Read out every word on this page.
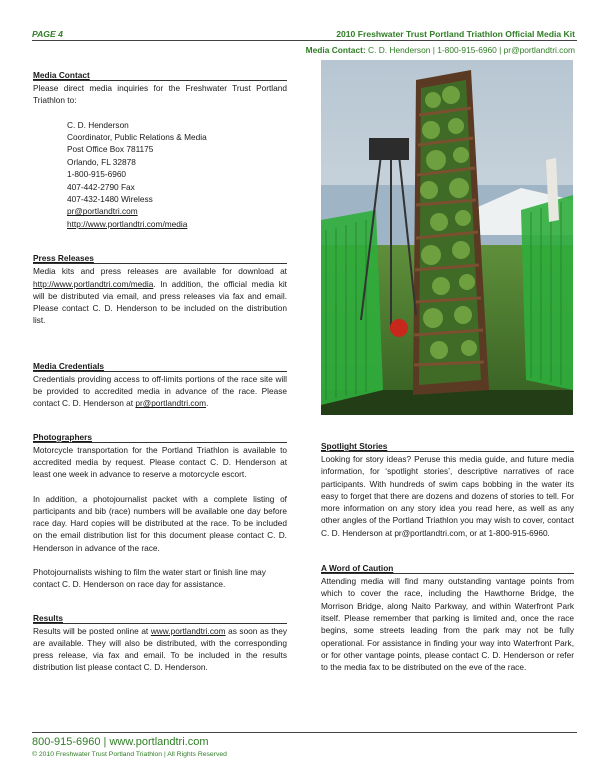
PAGE 4	2010 Freshwater Trust Portland Triathlon Official Media Kit
Media Contact: C. D. Henderson | 1-800-915-6960 | pr@portlandtri.com
Media Contact
Please direct media inquiries for the Freshwater Trust Portland Triathlon to:
C. D. Henderson
Coordinator, Public Relations & Media
Post Office Box 781175
Orlando, FL 32878
1-800-915-6960
407-442-2790 Fax
407-432-1480 Wireless
pr@portlandtri.com
http://www.portlandtri.com/media
Press Releases
Media kits and press releases are available for download at http://www.portlandtri.com/media. In addition, the official media kit will be distributed via email, and press releases via fax and email. Please contact C. D. Henderson to be included on the distribution list.
Media Credentials
Credentials providing access to off-limits portions of the race site will be provided to accredited media in advance of the race. Please contact C. D. Henderson at pr@portlandtri.com.
Photographers
Motorcycle transportation for the Portland Triathlon is available to accredited media by request. Please contact C. D. Henderson at least one week in advance to reserve a motorcycle escort.
In addition, a photojournalist packet with a complete listing of participants and bib (race) numbers will be available one day before race day. Hard copies will be distributed at the race. To be included on the email distribution list for this document please contact C. D. Henderson in advance of the race.
Photojournalists wishing to film the water start or finish line may contact C. D. Henderson on race day for assistance.
Results
Results will be posted online at www.portlandtri.com as soon as they are available. They will also be distributed, with the corresponding press release, via fax and email. To be included in the results distribution list please contact C. D. Henderson.
Spotlight Stories
Looking for story ideas? Peruse this media guide, and future media information, for ‘spotlight stories’, descriptive narratives of race participants. With hundreds of swim caps bobbing in the water its easy to forget that there are dozens and dozens of stories to tell. For more information on any story idea you read here, as well as any other angles of the Portland Triathlon you may wish to cover, contact C. D. Henderson at pr@portlandtri.com, or at 1-800-915-6960.
A Word of Caution
Attending media will find many outstanding vantage points from which to cover the race, including the Hawthorne Bridge, the Morrison Bridge, along Naito Parkway, and within Waterfront Park itself. Please remember that parking is limited and, once the race begins, some streets leading from the park may not be fully operational. For assistance in finding your way into Waterfront Park, or for other vantage points, please contact C. D. Henderson or refer to the media fax to be distributed on the eve of the race.
800-915-6960 | www.portlandtri.com
© 2010 Freshwater Trust Portland Triathlon | All Rights Reserved
